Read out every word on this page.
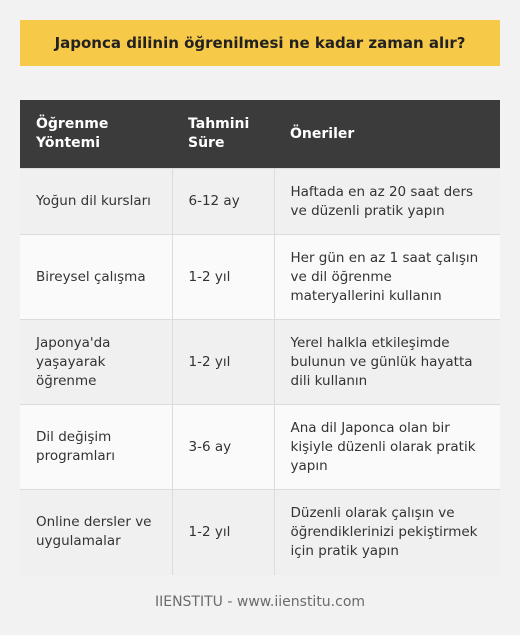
Japonca dilinin öğrenilmesi ne kadar zaman alır?
Öğrenme Yöntemi	Tahmini Süre	Öneriler
Yoğun dil kursları	6-12 ay	Haftada en az 20 saat ders ve düzenli pratik yapın
Bireysel çalışma	1-2 yıl	Her gün en az 1 saat çalışın ve dil öğrenme materyallerini kullanın
Japonya'da yaşayarak öğrenme	1-2 yıl	Yerel halkla etkileşimde bulunun ve günlük hayatta dili kullanın
Dil değişim programları	3-6 ay	Ana dil Japonca olan bir kişiyle düzenli olarak pratik yapın
Online dersler ve uygulamalar	1-2 yıl	Düzenli olarak çalışın ve öğrendiklerinizi pekiştirmek için pratik yapın
IIENSTITU - www.iienstitu.com
